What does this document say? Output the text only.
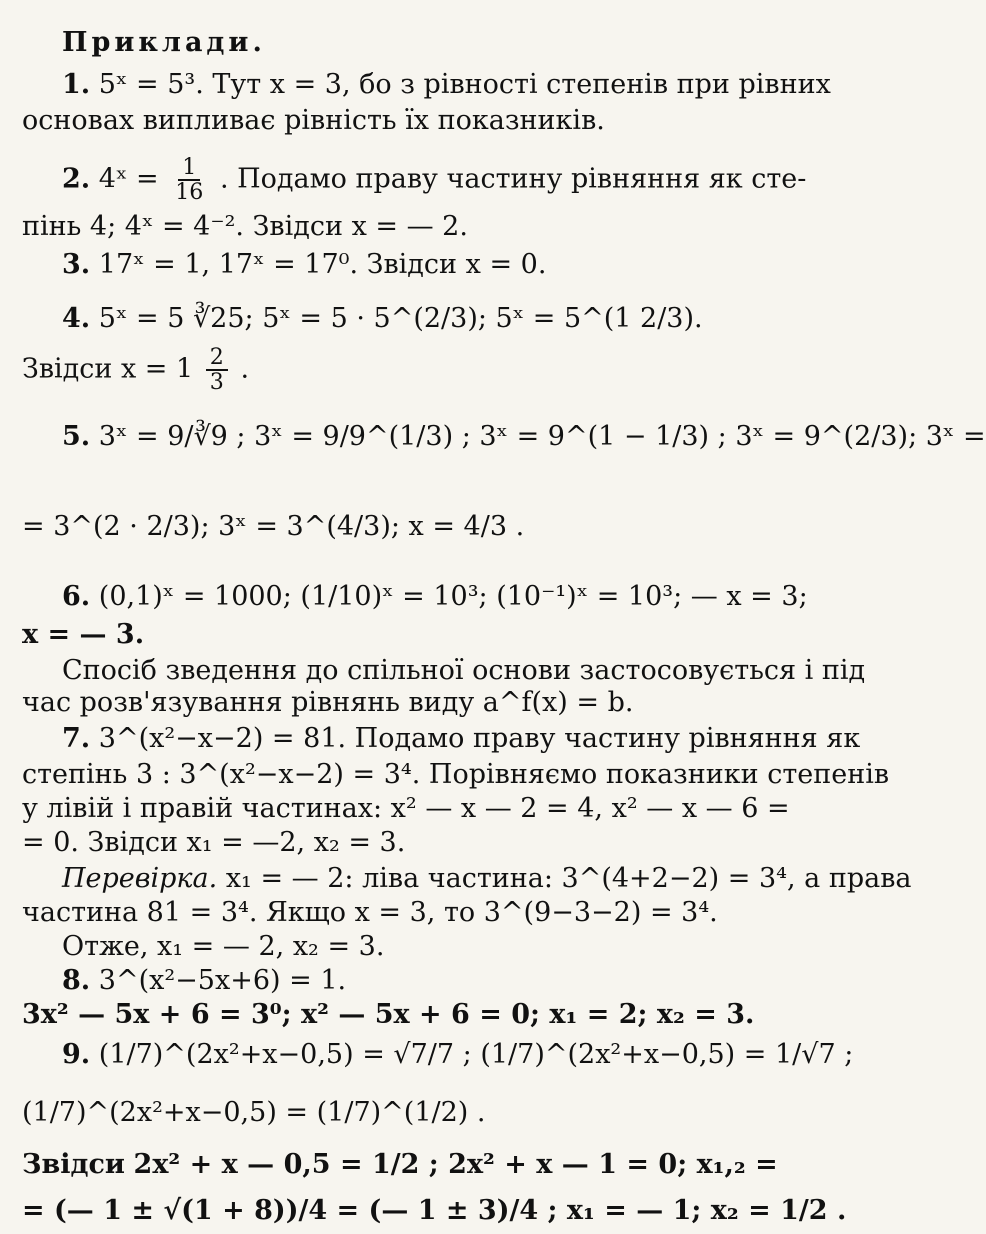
Приклади.
1. 5ˣ = 5³. Тут x = 3, бо з рівності степенів при рівних
основах випливає рівність їх показників.
2. 4ˣ = $\frac{1}{16}$ . Подамо праву частину рівняння як сте-
пінь 4; 4ˣ = 4⁻². Звідси x = — 2.
3. 17ˣ = 1, 17ˣ = 17⁰. Звідси x = 0.
4. 5ˣ = 5 ∛25; 5ˣ = 5 · 5^(2/3); 5ˣ = 5^(1 2/3).
Звідси $x = 1 \frac{2}{3}$ .
5. 3ˣ = 9/∛9 ; 3ˣ = 9/9^(1/3) ; 3ˣ = 9^(1 − 1/3) ; 3ˣ = 9^(2/3); 3ˣ =
= 3^(2 · 2/3); 3ˣ = 3^(4/3); x = 4/3 .
6. (0,1)ˣ = 1000; (1/10)ˣ = 10³; (10⁻¹)ˣ = 10³; — x = 3;
x = — 3.
Спосіб зведення до спільної основи застосовується і під
час розв'язування рівнянь виду a^f(x) = b.
7. 3^(x²−x−2) = 81. Подамо праву частину рівняння як
степінь 3 : 3^(x²−x−2) = 3⁴. Порівняємо показники степенів
у лівій і правій частинах: x² — x — 2 = 4, x² — x — 6 =
= 0. Звідси x₁ = —2, x₂ = 3.
Перевірка. x₁ = — 2: ліва частина: 3^(4+2−2) = 3⁴, а права
частина 81 = 3⁴. Якщо x = 3, то 3^(9−3−2) = 3⁴.
Отже, x₁ = — 2, x₂ = 3.
8. 3^(x²−5x+6) = 1.
3x² — 5x + 6 = 3⁰; x² — 5x + 6 = 0; x₁ = 2; x₂ = 3.
9. (1/7)^(2x²+x−0,5) = √7/7 ; (1/7)^(2x²+x−0,5) = 1/√7 ;
(1/7)^(2x²+x−0,5) = (1/7)^(1/2) .
Звідси 2x² + x — 0,5 = 1/2 ; 2x² + x — 1 = 0; x₁,₂ =
= (— 1 ± √(1 + 8))/4 = (— 1 ± 3)/4 ; x₁ = — 1; x₂ = 1/2 .
